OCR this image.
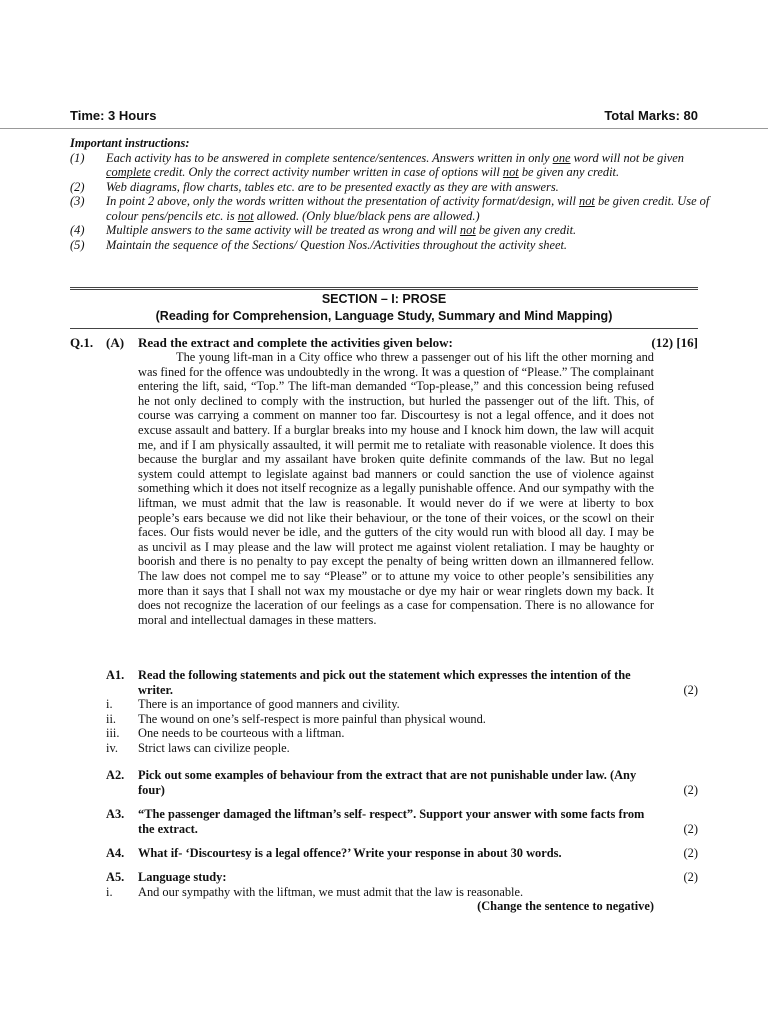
Time: 3 Hours	Total Marks: 80
Important instructions:
(1)	Each activity has to be answered in complete sentence/sentences. Answers written in only one word will not be given complete credit. Only the correct activity number written in case of options will not be given any credit.
(2)	Web diagrams, flow charts, tables etc. are to be presented exactly as they are with answers.
(3)	In point 2 above, only the words written without the presentation of activity format/design, will not be given credit. Use of colour pens/pencils etc. is not allowed. (Only blue/black pens are allowed.)
(4)	Multiple answers to the same activity will be treated as wrong and will not be given any credit.
(5)	Maintain the sequence of the Sections/ Question Nos./Activities throughout the activity sheet.
SECTION – I: PROSE
(Reading for Comprehension, Language Study, Summary and Mind Mapping)
Q.1. (A)	Read the extract and complete the activities given below:	(12) [16]

The young lift-man in a City office who threw a passenger out of his lift the other morning and was fined for the offence was undoubtedly in the wrong. It was a question of “Please.” The complainant entering the lift, said, “Top.” The lift-man demanded “Top-please,” and this concession being refused he not only declined to comply with the instruction, but hurled the passenger out of the lift. This, of course was carrying a comment on manner too far. Discourtesy is not a legal offence, and it does not excuse assault and battery. If a burglar breaks into my house and I knock him down, the law will acquit me, and if I am physically assaulted, it will permit me to retaliate with reasonable violence. It does this because the burglar and my assailant have broken quite definite commands of the law. But no legal system could attempt to legislate against bad manners or could sanction the use of violence against something which it does not itself recognize as a legally punishable offence. And our sympathy with the liftman, we must admit that the law is reasonable. It would never do if we were at liberty to box people’s ears because we did not like their behaviour, or the tone of their voices, or the scowl on their faces. Our fists would never be idle, and the gutters of the city would run with blood all day. I may be as uncivil as I may please and the law will protect me against violent retaliation. I may be haughty or boorish and there is no penalty to pay except the penalty of being written down an illmannered fellow. The law does not compel me to say “Please” or to attune my voice to other people’s sensibilities any more than it says that I shall not wax my moustache or dye my hair or wear ringlets down my back. It does not recognize the laceration of our feelings as a case for compensation. There is no allowance for moral and intellectual damages in these matters.

A1.	Read the following statements and pick out the statement which expresses the intention of the writer.	(2)
i.	There is an importance of good manners and civility.
ii.	The wound on one’s self-respect is more painful than physical wound.
iii.	One needs to be courteous with a liftman.
iv.	Strict laws can civilize people.
A2.	Pick out some examples of behaviour from the extract that are not punishable under law. (Any four)	(2)
A3.	“The passenger damaged the liftman’s self- respect”. Support your answer with some facts from the extract.	(2)
A4.	What if- ‘Discourtesy is a legal offence?’ Write your response in about 30 words.	(2)
A5.	Language study:	(2)
i.	And our sympathy with the liftman, we must admit that the law is reasonable.
(Change the sentence to negative)
